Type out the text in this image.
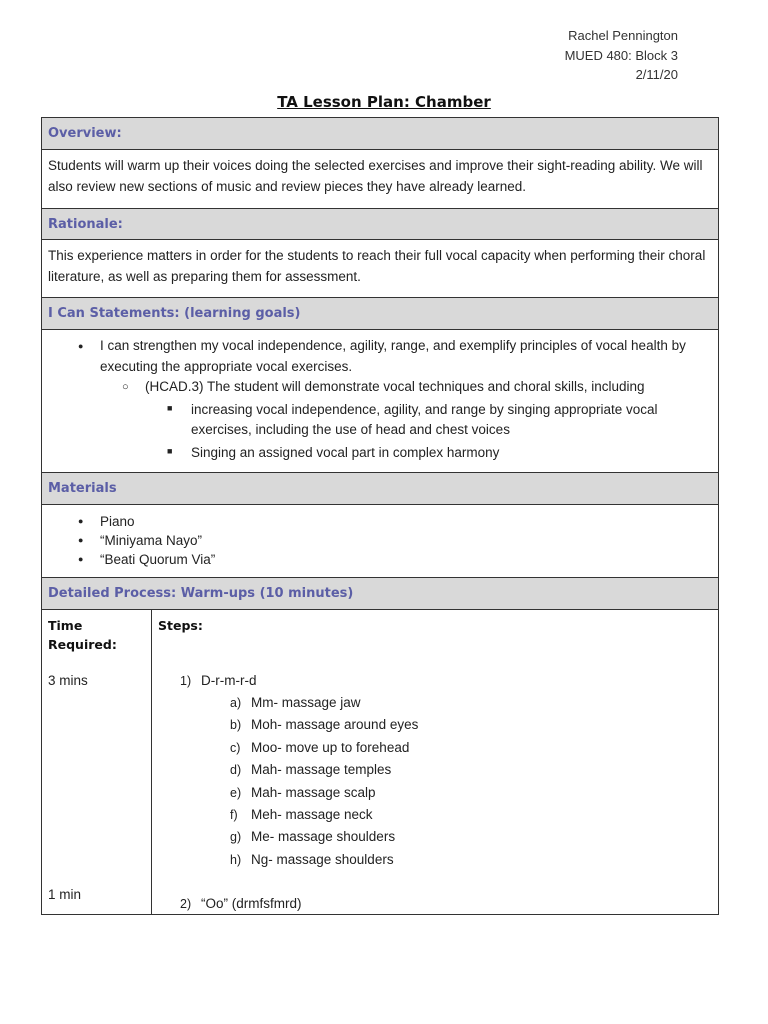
Rachel Pennington
MUED 480: Block 3
2/11/20
TA Lesson Plan: Chamber
Overview:
Students will warm up their voices doing the selected exercises and improve their sight-reading ability. We will also review new sections of music and review pieces they have already learned.
Rationale:
This experience matters in order for the students to reach their full vocal capacity when performing their choral literature, as well as preparing them for assessment.
I Can Statements: (learning goals)
● I can strengthen my vocal independence, agility, range, and exemplify principles of vocal health by executing the appropriate vocal exercises.
○ (HCAD.3) The student will demonstrate vocal techniques and choral skills, including
■ increasing vocal independence, agility, and range by singing appropriate vocal exercises, including the use of head and chest voices
■ Singing an assigned vocal part in complex harmony
Materials
● Piano
● “Miniyama Nayo”
● “Beati Quorum Via”
Detailed Process: Warm-ups (10 minutes)
Time Required:
3 mins
1 min
Steps:
1) D-r-m-r-d
a) Mm- massage jaw
b) Moh- massage around eyes
c) Moo- move up to forehead
d) Mah- massage temples
e) Mah- massage scalp
f) Meh- massage neck
g) Me- massage shoulders
h) Ng- massage shoulders
2) “Oo” (drmfsfmrd)
